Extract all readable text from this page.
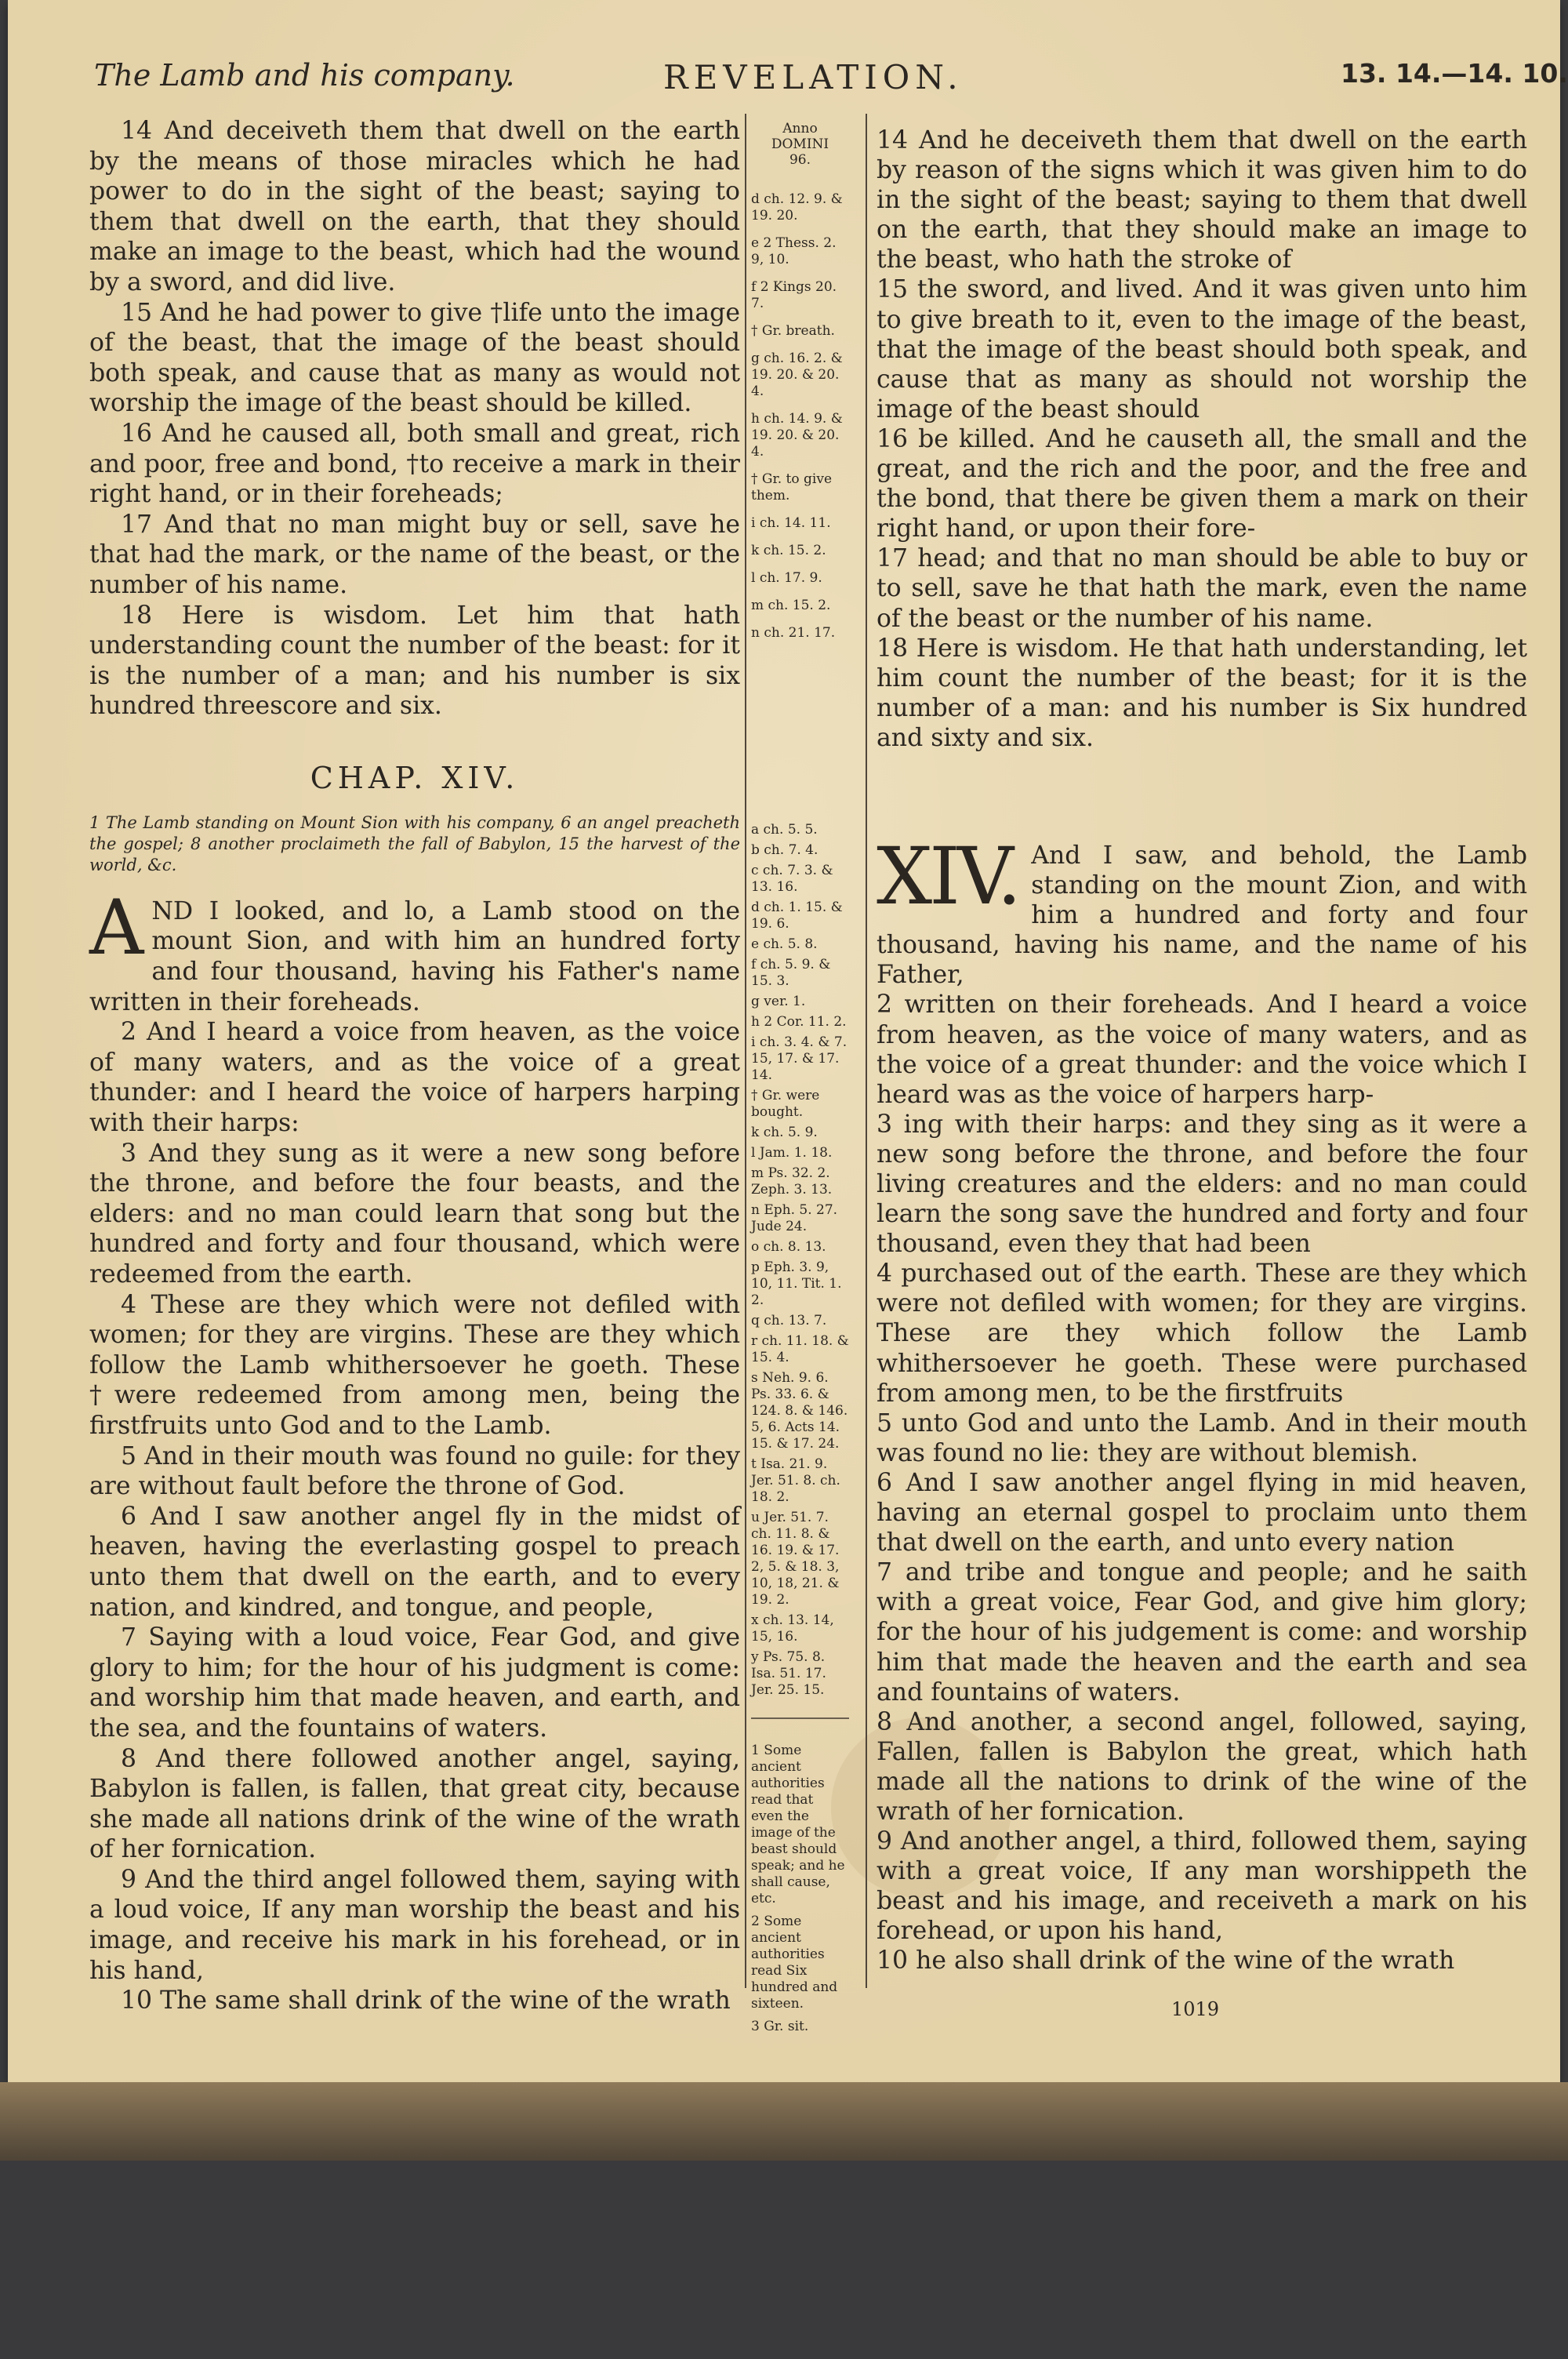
The Lamb and his company.	REVELATION.	13. 14.—14. 10.

14 And deceiveth them that dwell on the earth by the means of those miracles which he had power to do in the sight of the beast; saying to them that dwell on the earth, that they should make an image to the beast, which had the wound by a sword, and did live.

15 And he had power to give †life unto the image of the beast, that the image of the beast should both speak, and cause that as many as would not worship the image of the beast should be killed.

16 And he caused all, both small and great, rich and poor, free and bond, †to receive a mark in their right hand, or in their foreheads;

17 And that no man might buy or sell, save he that had the mark, or the name of the beast, or the number of his name.

18 Here is wisdom. Let him that hath understanding count the number of the beast: for it is the number of a man; and his number is six hundred threescore and six.

CHAP. XIV.

1 The Lamb standing on Mount Sion with his company, 6 an angel preacheth the gospel; 8 another proclaimeth the fall of Babylon, 15 the harvest of the world, &c.

AND I looked, and lo, a Lamb stood on the mount Sion, and with him an hundred forty and four thousand, having his Father's name written in their foreheads.

2 And I heard a voice from heaven, as the voice of many waters, and as the voice of a great thunder: and I heard the voice of harpers harping with their harps:

3 And they sung as it were a new song before the throne, and before the four beasts, and the elders: and no man could learn that song but the hundred and forty and four thousand, which were redeemed from the earth.

4 These are they which were not defiled with women; for they are virgins. These are they which follow the Lamb whithersoever he goeth. These †were redeemed from among men, being the firstfruits unto God and to the Lamb.

5 And in their mouth was found no guile: for they are without fault before the throne of God.

6 And I saw another angel fly in the midst of heaven, having the everlasting gospel to preach unto them that dwell on the earth, and to every nation, and kindred, and tongue, and people,

7 Saying with a loud voice, Fear God, and give glory to him; for the hour of his judgment is come: and worship him that made heaven, and earth, and the sea, and the fountains of waters.

8 And there followed another angel, saying, Babylon is fallen, is fallen, that great city, because she made all nations drink of the wine of the wrath of her fornication.

9 And the third angel followed them, saying with a loud voice, If any man worship the beast and his image, and receive his mark in his forehead, or in his hand,

10 The same shall drink of the wine of the wrath

Anno
DOMINI
96.
d ch. 12. 9. & 19. 20.
e 2 Thess. 2. 9, 10.
f 2 Kings 20. 7.
† Gr. breath.
g ch. 16. 2. & 19. 20. & 20. 4.
h ch. 14. 9. & 19. 20. & 20. 4.
† Gr. to give them.
i ch. 14. 11.
k ch. 15. 2.
l ch. 17. 9.
m ch. 15. 2.
n ch. 21. 17.
a ch. 5. 5.
b ch. 7. 4.
c ch. 7. 3. & 13. 16.
d ch. 1. 15. & 19. 6.
e ch. 5. 8.
f ch. 5. 9. & 15. 3.
g ver. 1.
h 2 Cor. 11. 2.
i ch. 3. 4. & 7. 15, 17. & 17. 14.
† Gr. were bought.
k ch. 5. 9.
l Jam. 1. 18.
m Ps. 32. 2. Zeph. 3. 13.
n Eph. 5. 27. Jude 24.
o ch. 8. 13.
p Eph. 3. 9, 10, 11. Tit. 1. 2.
q ch. 13. 7.
r ch. 11. 18. & 15. 4.
s Neh. 9. 6. Ps. 33. 6. & 124. 8. & 146. 5, 6. Acts 14. 15. & 17. 24.
t Isa. 21. 9. Jer. 51. 8. ch. 18. 2.
u Jer. 51. 7. ch. 11. 8. & 16. 19. & 17. 2, 5. & 18. 3, 10, 18, 21. & 19. 2.
x ch. 13. 14, 15, 16.
y Ps. 75. 8. Isa. 51. 17. Jer. 25. 15.
1 Some ancient authorities read that even the image of the beast should speak; and he shall cause, etc.
2 Some ancient authorities read Six hundred and sixteen.
3 Gr. sit.

14 And he deceiveth them that dwell on the earth by reason of the signs which it was given him to do in the sight of the beast; saying to them that dwell on the earth, that they should make an image to the beast, who hath the stroke of

15 the sword, and lived. And it was given unto him to give breath to it, even to the image of the beast, that the image of the beast should both speak, and cause that as many as should not worship the image of the beast should

16 be killed. And he causeth all, the small and the great, and the rich and the poor, and the free and the bond, that there be given them a mark on their right hand, or upon their fore-

17 head; and that no man should be able to buy or to sell, save he that hath the mark, even the name of the beast or the number of his name.

18 Here is wisdom. He that hath understanding, let him count the number of the beast; for it is the number of a man: and his number is Six hundred and sixty and six.

XIV. And I saw, and behold, the Lamb standing on the mount Zion, and with him a hundred and forty and four thousand, having his name, and the name of his Father,

2 written on their foreheads. And I heard a voice from heaven, as the voice of many waters, and as the voice of a great thunder: and the voice which I heard was as the voice of harpers harp-

3 ing with their harps: and they sing as it were a new song before the throne, and before the four living creatures and the elders: and no man could learn the song save the hundred and forty and four thousand, even they that had been

4 purchased out of the earth. These are they which were not defiled with women; for they are virgins. These are they which follow the Lamb whithersoever he goeth. These were purchased from among men, to be the firstfruits

5 unto God and unto the Lamb. And in their mouth was found no lie: they are without blemish.

6 And I saw another angel flying in mid heaven, having an eternal gospel to proclaim unto them that dwell on the earth, and unto every nation

7 and tribe and tongue and people; and he saith with a great voice, Fear God, and give him glory; for the hour of his judgement is come: and worship him that made the heaven and the earth and sea and fountains of waters.

8 And another, a second angel, followed, saying, Fallen, fallen is Babylon the great, which hath made all the nations to drink of the wine of the wrath of her fornication.

9 And another angel, a third, followed them, saying with a great voice, If any man worshippeth the beast and his image, and receiveth a mark on his forehead, or upon his hand,

10 he also shall drink of the wine of the wrath

1019
